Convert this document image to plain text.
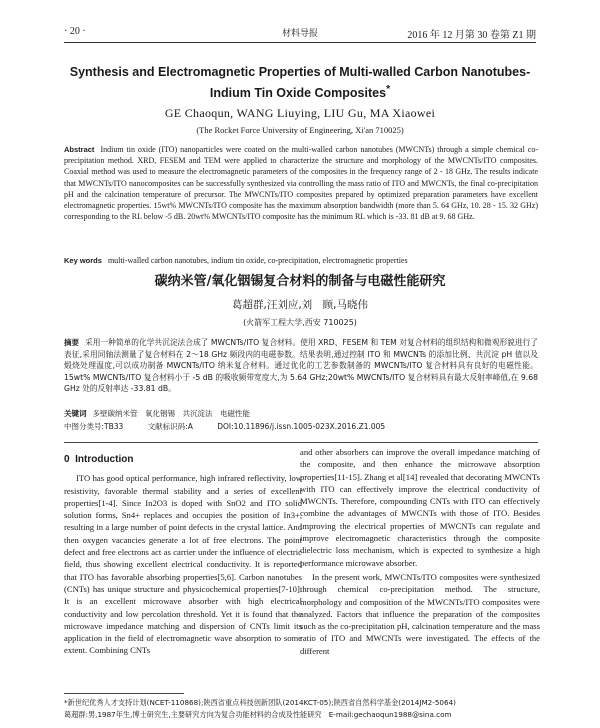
· 20 ·	材料导报	2016 年 12 月第 30 卷第 Z1 期
Synthesis and Electromagnetic Properties of Multi-walled Carbon Nanotubes-Indium Tin Oxide Composites*
GE Chaoqun, WANG Liuying, LIU Gu, MA Xiaowei
(The Rocket Force University of Engineering, Xi'an 710025)
Abstract Indium tin oxide (ITO) nanoparticles were coated on the multi-walled carbon nanotubes (MWCNTs) through a simple chemical co-precipitation method. XRD, FESEM and TEM were applied to characterize the structure and morphology of the MWCNTs/ITO composites. Coaxial method was used to measure the electromagnetic parameters of the composites in the frequency range of 2 - 18 GHz. The results indicate that MWCNTs/ITO nanocomposites can be successfully synthesized via controlling the mass ratio of ITO and MWCNTs, the final co-precipitation pH and the calcination temperature of precursor. The MWCNTs/ITO composites prepared by optimized preparation parameters have excellent electromagnetic properties. 15wt% MWCNTs/ITO composite has the maximum absorption bandwidth (more than 5. 64 GHz, 10. 28 - 15. 32 GHz) corresponding to the RL below -5 dB. 20wt% MWCNTs/ITO composite has the minimum RL which is -33. 81 dB at 9. 68 GHz.
Key words multi-walled carbon nanotubes, indium tin oxide, co-precipitation, electromagnetic properties
碳纳米管/氧化铟锡复合材料的制备与电磁性能研究
葛超群,汪刘应,刘　顾,马晓伟
(火箭军工程大学,西安 710025)
摘要 采用一种简单的化学共沉淀法合成了 MWCNTs/ITO 复合材料。使用 XRD、FESEM 和 TEM 对复合材料的组织结构和微观形貌进行了表征,采用同轴法测量了复合材料在 2～18 GHz 频段内的电磁参数。结果表明,通过控制 ITO 和 MWCNTs 的添加比例、共沉淀 pH 值以及煅烧处理温度,可以成功制备 MWCNTs/ITO 纳米复合材料。通过优化的工艺参数制备的 MWCNTs/ITO 复合材料具有良好的电磁性能。15wt% MWCNTs/ITO 复合材料小于 -5 dB 的吸收频带宽度大,为 5.64 GHz;20wt% MWCNTs/ITO 复合材料具有最大反射率峰值,在 9.68 GHz 处的反射率达 -33.81 dB。
关键词 多壁碳纳米管　氧化铟锡　共沉淀法　电磁性能
中图分类号:TB33	文献标识码:A	DOI:10.11896/j.issn.1005-023X.2016.Z1.005
0 Introduction

ITO has good optical performance, high infrared reflectivity, low resistivity, favorable thermal stability and a series of excellent properties[1-4]. Since In2O3 is doped with SnO2 and ITO solid solution forms, Sn4+ replaces and occupies the position of In3+, resulting in a large number of point defects in the crystal lattice. And then oxygen vacancies generate a lot of free electrons. The point defect and free electrons act as carrier under the influence of electric field, thus showing excellent electrical conductivity. It is reported that ITO has favorable absorbing properties[5,6]. Carbon nanotubes (CNTs) has unique structure and physicochemical properties[7-10]. It is an excellent microwave absorber with high electrical conductivity and low percolation threshold. Yet it is found that the microwave impedance matching and dispersion of CNTs limit its application in the field of electromagnetic wave absorption to some extent. Combining CNTs

and other absorbers can improve the overall impedance matching of the composite, and then enhance the microwave absorption properties[11-15]. Zhang et al[14] revealed that decorating MWCNTs with ITO can effectively improve the electrical conductivity of MWCNTs. Therefore, compounding CNTs with ITO can effectively combine the advantages of MWCNTs with those of ITO. Besides improving the electrical properties of MWCNTs can regulate and improve electromagnetic characteristics through the composite dielectric loss mechanism, which is expected to synthesize a high performance microwave absorber.

In the present work, MWCNTs/ITO composites were synthesized through chemical co-precipitation method. The structure, morphology and composition of the MWCNTs/ITO composites were analyzed. Factors that influence the preparation of the composites such as the co-precipitation pH, calcination temperature and the mass ratio of ITO and MWCNTs were investigated. The effects of the different

*新世纪优秀人才支持计划(NCET-110868);陕西省重点科技创新团队(2014KCT-05);陕西省自然科学基金(2014JM2-5064)
葛超群:男,1987年生,博士研究生,主要研究方向为复合功能材料的合成及性能研究　E-mail:gechaoqun1988@sina.com
